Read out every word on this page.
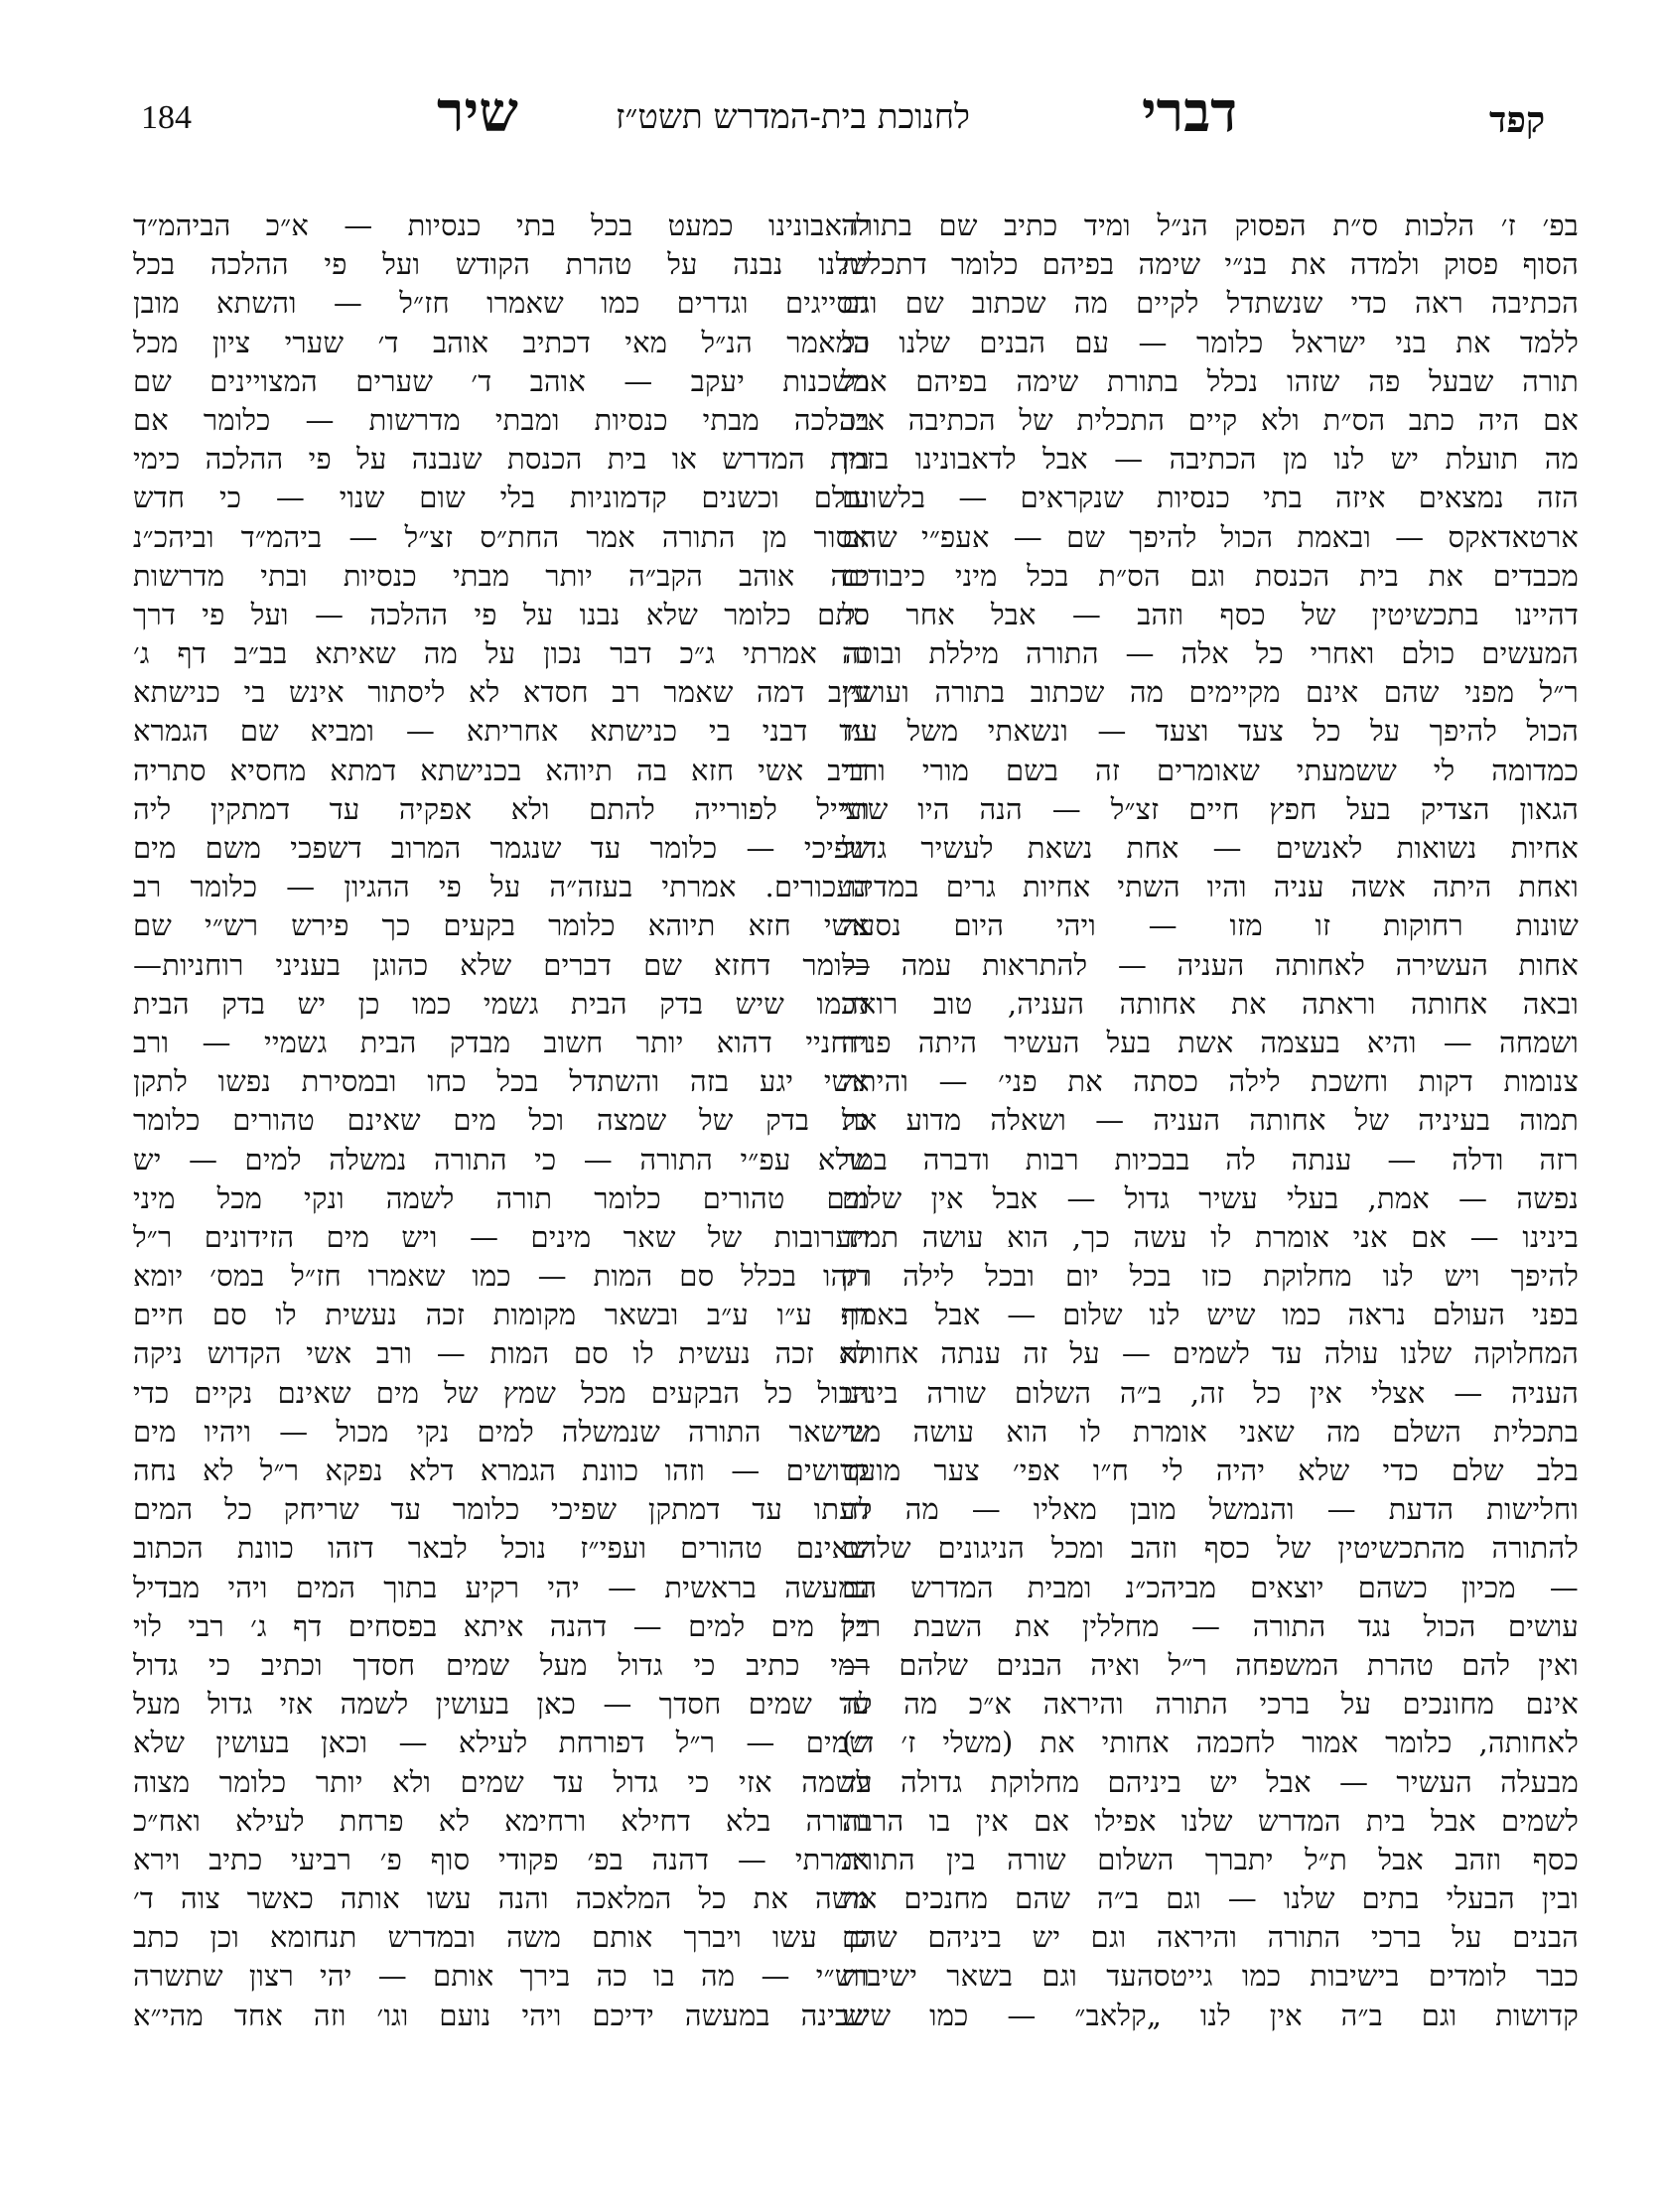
184	שיר	לחנוכת בית-המדרש תשט״ז	דברי	קפד
בפ׳ ז׳ הלכות ס״ת הפסוק הנ״ל ומיד כתיב שם בתורה
הסוף פסוק ולמדה את בנ״י שימה בפיהם כלומר דתכלית
הכתיבה ראה כדי שנשתדל לקיים מה שכתוב שם וגם
ללמד את בני ישראל כלומר — עם הבנים שלנו כל
תורה שבעל פה שזהו נכלל בתורת שימה בפיהם אבל
אם היה כתב הס״ת ולא קיים התכלית של הכתיבה א״כ
מה תועלת יש לנו מן הכתיבה — אבל לדאבונינו בזמן
הזה נמצאים איזה בתי כנסיות שנקראים — בלשונם
ארטאדאקס — ובאמת הכול להיפך שם — אעפ״י שהם
מכבדים את בית הכנסת וגם הס״ת בכל מיני כיבודים
דהיינו בתכשיטין של כסף וזהב — אבל אחר כל
המעשים כולם ואחרי כל אלה — התורה מיללת ובוכה
ר״ל מפני שהם אינם מקיימים מה שכתוב בתורה ועושין
הכול להיפך על כל צעד וצעד — ונשאתי משל ע״ז
כמדומה לי ששמעתי שאומרים זה בשם מורי ורבי
הגאון הצדיק בעל חפץ חיים זצ״ל — הנה היו שתי
אחיות נשואות לאנשים — אחת נשאת לעשיר גדול
ואחת היתה אשה עניה והיו השתי אחיות גרים במדינו׳
שונות רחוקות זו מזו — ויהי היום נסעה
אחות העשירה לאחותה העניה — להתראות עמה —
ובאה אחותה וראתה את אחותה העניה, טוב רואה
ושמחה — והיא בעצמה אשת בעל העשיר היתה פניה
צנומות דקות וחשכת לילה כסתה את פני׳ — והיתה
תמוה בעיניה של אחותה העניה — ושאלה מדוע את
רזה ודלה — ענתה לה בבכיות רבות ודברה במר
נפשה — אמת, בעלי עשיר גדול — אבל אין שלום
בינינו — אם אני אומרת לו עשה כך, הוא עושה תמיד
להיפך ויש לנו מחלוקת כזו בכל יום ובכל לילה רק
בפני העולם נראה כמו שיש לנו שלום — אבל באמת
המחלוקה שלנו עולה עד לשמים — על זה ענתה אחותה
העניה — אצלי אין כל זה, ב״ה השלום שורה בינינו
בתכלית השלם מה שאני אומרת לו הוא עושה מיד
בלב שלם כדי שלא יהיה לי ח״ו אפי׳ צער מועט
וחלישות הדעת — והנמשל מובן מאליו — מה לה
להתורה מהתכשיטין של כסף וזהב ומכל הניגונים שלהם
— מכיון כשהם יוצאים מביהכ״נ ומבית המדרש הם
עושים הכול נגד התורה — מחללין את השבת ר״ל
ואין להם טהרת המשפחה ר״ל ואיה הבנים שלהם —
אינם מחונכים על ברכי התורה והיראה א״כ מה לה
לאחותה, כלומר אמור לחכמה אחותי את (משלי ז׳ ד׳)
מבעלה העשיר — אבל יש ביניהם מחלוקת גדולה עד
לשמים אבל בית המדרש שלנו אפילו אם אין בו הרבה
כסף וזהב אבל ת״ל יתברך השלום שורה בין התורה
ובין הבעלי בתים שלנו — וגם ב״ה שהם מחנכים את
הבנים על ברכי התורה והיראה וגם יש ביניהם שהם
כבר לומדים בישיבות כמו גייטסהעד וגם בשאר ישיבות
קדושות וגם ב״ה אין לנו „קלאב״ — כמו שיש
לדאבונינו כמעט בכל בתי כנסיות — א״כ הביהמ״ד
שלנו נבנה על טהרת הקודש ועל פי ההלכה בכל
הסייגים וגדרים כמו שאמרו חז״ל — והשתא מובן
המאמר הנ״ל מאי דכתיב אוהב ד׳ שערי ציון מכל
משכנות יעקב — אוהב ד׳ שערים המצויינים שם
בהלכה מבתי כנסיות ומבתי מדרשות — כלומר אם
בית המדרש או בית הכנסת שנבנה על פי ההלכה כימי
עולם וכשנים קדמוניות בלי שום שנוי — כי חדש
אסור מן התורה אמר החת״ס זצ״ל — ביהמ״ד וביהכ״נ
כזה אוהב הקב״ה יותר מבתי כנסיות ובתי מדרשות
סתם כלומר שלא נבנו על פי ההלכה — ועל פי דרך
זה אמרתי ג״כ דבר נכון על מה שאיתא בב״ב דף ג׳
ע״ב דמה שאמר רב חסדא לא ליסתור אינש בי כנישתא
עד דבני בי כנישתא אחריתא — ומביא שם הגמרא
דרב אשי חזא בה תיוהא בכנישתא דמתא מחסיא סתריה
ועייל לפורייה להתם ולא אפקיה עד דמתקין ליה
שפיכי — כלומר עד שנגמר המרוב דשפכי משם מים
העכורים. אמרתי בעזה״ה על פי ההגיון — כלומר רב
אשי חזא תיוהא כלומר בקעים כך פירש רש״י שם
כלומר דחזא שם דברים שלא כהוגן בעניני רוחניות—
דכמו שיש בדק הבית גשמי כמו כן יש בדק הבית
רוחניי דהוא יותר חשוב מבדק הבית גשמיי — ורב
אשי יגע בזה והשתדל בכל כחו ובמסירת נפשו לתקן
כל בדק של שמצה וכל מים שאינם טהורים כלומר
שלא עפ״י התורה — כי התורה נמשלה למים — יש
מים טהורים כלומר תורה לשמה ונקי מכל מיני
תערובות של שאר מינים — ויש מים הזידונים ר״ל
דזהו בכלל סם המות — כמו שאמרו חז״ל במס׳ יומא
דף ע״ו ע״ב ובשאר מקומות זכה נעשית לו סם חיים
לא זכה נעשית לו סם המות — ורב אשי הקדוש ניקה
הכול כל הבקעים מכל שמץ של מים שאינם נקיים כדי
שישאר התורה שנמשלה למים נקי מכול — ויהיו מים
קדושים — וזהו כוונת הגמרא דלא נפקא ר״ל לא נחה
דעתו עד דמתקן שפיכי כלומר עד שריחק כל המים
שאינם טהורים ועפי״ז נוכל לבאר דזהו כוונת הכתוב
במעשה בראשית — יהי רקיע בתוך המים ויהי מבדיל
בין מים למים — דהנה איתא בפסחים דף ג׳ רבי לוי
רמי כתיב כי גדול מעל שמים חסדך וכתיב כי גדול
עד שמים חסדך — כאן בעושין לשמה אזי גדול מעל
שמים — ר״ל דפורחת לעילא — וכאן בעושין שלא
לשמה אזי כי גדול עד שמים ולא יותר כלומר מצוה
ותורה בלא דחילא ורחימא לא פרחת לעילא ואח״כ
אמרתי — דהנה בפ׳ פקודי סוף פ׳ רביעי כתיב וירא
משה את כל המלאכה והנה עשו אותה כאשר צוה ד׳
כן עשו ויברך אותם משה ובמדרש תנחומא וכן כתב
רש״י — מה בו כה בירך אותם — יהי רצון שתשרה
שכינה במעשה ידיכם ויהי נועם וגו׳ וזה אחד מהי״א
